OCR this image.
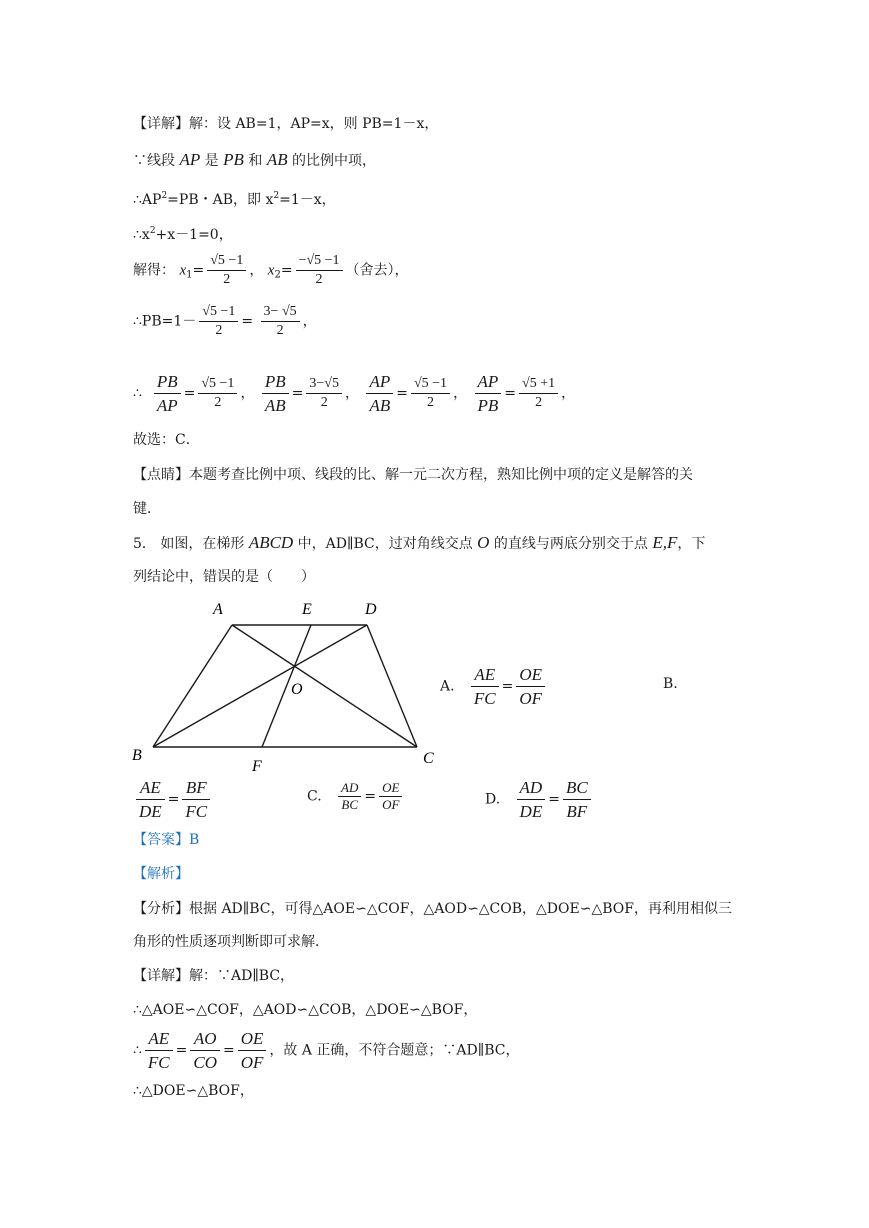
【详解】解：设 AB=1，AP=x，则 PB=1－x，
∵线段 AP 是 PB 和 AB 的比例中项，
$\therefore AP^2=PB$・AB，即 $x^2=1-x$，
$\therefore x^2+x-1=0$，
解得： $x_1= \frac{√5 -1}{2}$ ， $x_2= \frac{-√5 -1}{2}$ （舍去），
∴PB=1－ $\frac{√5 -1}{2} = \frac{3- √5}{2}$ ，
∴ $\frac{PB}{AP} = \frac{√5 -1}{2}$ ， $\frac{PB}{AB} = \frac{3-√5}{2}$ ， $\frac{AP}{AB} = \frac{√5 -1}{2}$ ， $\frac{AP}{PB} = \frac{√5 +1}{2}$ ，
故选：C．
【点睛】本题考查比例中项、线段的比、解一元二次方程，熟知比例中项的定义是解答的关
键．
5． 如图，在梯形 ABCD 中，AD∥BC，过对角线交点 O 的直线与两底分别交于点 E,F，下
列结论中，错误的是（　　）
A	E	D
O
B
F	C
A. $\frac{AE}{FC} = \frac{OE}{OF}$	B.
$\frac{AE}{DE} = \frac{BF}{FC}$	C. $\frac{AD}{BC} = \frac{OE}{OF}$	D. $\frac{AD}{DE} = \frac{BC}{BF}$
【答案】B
【解析】
【分析】根据 AD∥BC，可得△AOE∽△COF，△AOD∽△COB，△DOE∽△BOF，再利用相似三
角形的性质逐项判断即可求解．
【详解】解：∵AD∥BC，
∴△AOE∽△COF，△AOD∽△COB，△DOE∽△BOF，
∴ $\frac{AE}{FC} = \frac{AO}{CO} = \frac{OE}{OF}$ ，故 A 正确，不符合题意；∵AD∥BC，
∴△DOE∽△BOF，
